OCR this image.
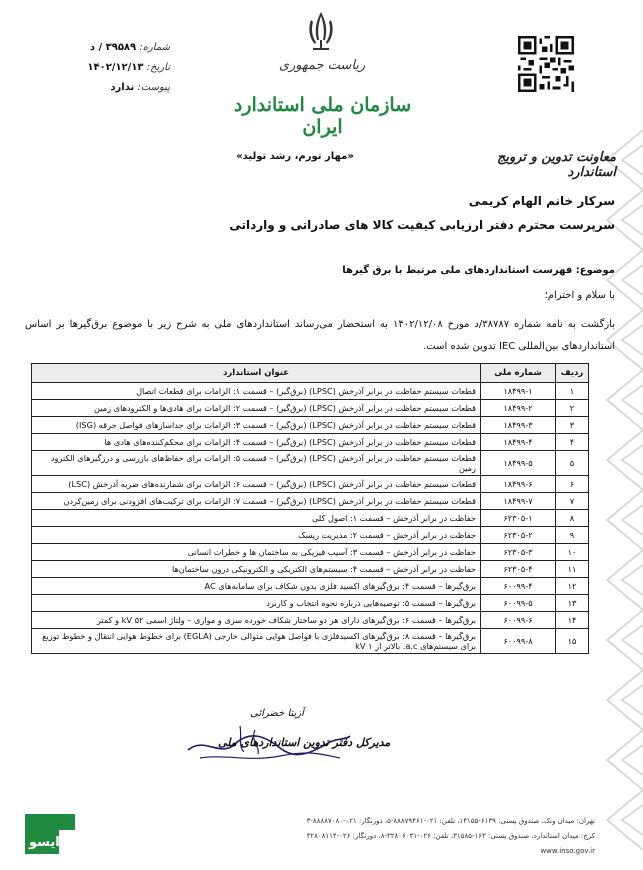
شماره: ۳۹۵۸۹ / د
تاریخ: ۱۴۰۲/۱۲/۱۳
پیوست: ندارد
ریاست جمهوری
سازمان ملی استاندارد ایران
معاونت تدوین و ترویج استاندارد
«مهار تورم، رشد تولید»
سرکار خانم الهام کریمی
سرپرست محترم دفتر ارزیابی کیفیت کالا های صادراتی و وارداتی
موضوع: فهرست استانداردهای ملی مرتبط با برق گیرها
با سلام و احترام؛
بازگشت به نامه شماره ۳۸۷۸۷/د مورخ ۱۴۰۲/۱۲/۰۸ به استحضار می‌رساند استانداردهای ملی به شرح زیر با موضوع برق‌گیرها بر اساس استانداردهای بین‌المللی IEC تدوین شده است.
ردیف	شماره ملی	عنوان استاندارد
۱	۱۸۴۹۹-۱	قطعات سیستم حفاظت در برابر آذرخش (LPSC) (برق‌گیر) – قسمت ۱: الزامات برای قطعات اتصال
۲	۱۸۴۹۹-۲	قطعات سیستم حفاظت در برابر آذرخش (LPSC) (برق‌گیر) – قسمت ۲: الزامات برای هادی‌ها و الکترودهای زمین
۳	۱۸۴۹۹-۳	قطعات سیستم حفاظت در برابر آذرخش (LPSC) (برق‌گیر) – قسمت ۳: الزامات برای جداسازهای فواصل جرقه (ISG)
۴	۱۸۴۹۹-۴	قطعات سیستم حفاظت در برابر آذرخش (LPSC) (برق‌گیر) – قسمت ۴: الزامات برای محکم‌کننده‌های هادی ها
۵	۱۸۴۹۹-۵	قطعات سیستم حفاظت در برابر آذرخش (LPSC) (برق‌گیر) – قسمت ۵: الزامات برای حفاظ‌های بازرسی و درزگیرهای الکترود زمین
۶	۱۸۴۹۹-۶	قطعات سیستم حفاظت در برابر آذرخش (LPSC) (برق‌گیر) – قسمت ۶: الزامات برای شمارنده‌های ضربه آذرخش (LSC)
۷	۱۸۴۹۹-۷	قطعات سیستم حفاظت در برابر آذرخش (LPSC) (برق‌گیر) – قسمت ۷: الزامات برای ترکیب‌های افزودنی برای زمین‌کردن
۸	۶۲۳۰۵-۱	حفاظت در برابر آذرخش – قسمت ۱: اصول کلی
۹	۶۲۳۰۵-۲	حفاظت در برابر آذرخش – قسمت ۲: مدیریت ریسک
۱۰	۶۲۳۰۵-۳	حفاظت در برابر آذرخش – قسمت ۳: آسیب فیزیکی به ساختمان ها و خطرات انسانی
۱۱	۶۲۳۰۵-۴	حفاظت در برابر آذرخش – قسمت ۴: سیستم‌های الکتریکی و الکترونیکی درون ساختمان‌ها
۱۲	۶۰۰۹۹-۴	برق‌گیرها – قسمت ۴: برق‌گیرهای اکسید فلزی بدون شکاف برای سامانه‌های AC
۱۳	۶۰۰۹۹-۵	برق‌گیرها – قسمت ۵: توصیه‌هایی درباره نحوه انتخاب و کاربرد
۱۴	۶۰۰۹۹-۶	برق‌گیرها – قسمت ۶: برق‌گیرهای دارای هر دو ساختار شکاف خورده سری و موازی – ولتاژ اسمی kV ۵۲ و کمتر
۱۵	۶۰۰۹۹-۸	برق‌گیرها – قسمت ۸: برق‌گیرهای اکسیدفلزی با فواصل هوایی متوالی خارجی (EGLA) برای خطوط هوایی انتقال و خطوط توزیع برای سیستم‌های a.c. بالاتر از kV ۱
آزیتا خضرائی
مدیرکل دفتر تدوین استانداردهای ملی
ایسو
تهران: میدان ونک، صندوق پستی: ۶۱۳۹-۱۴۱۵۵، تلفن: ۰۲۱-۸۸۸۷۹۴۶۱-۵، دورنگار: ۰۲۱-۸۸۸۸۷۰۸۰-۳
کرج: میدان استاندارد، صندوق پستی: ۱۶۳-۳۱۵۸۵، تلفن: ۰۲۶-۳۲۸۰۶۰۳۱-۸، دورنگار: ۰۲۶-۳۲۸۰۸۱۱۴
www.inso.gov.ir
